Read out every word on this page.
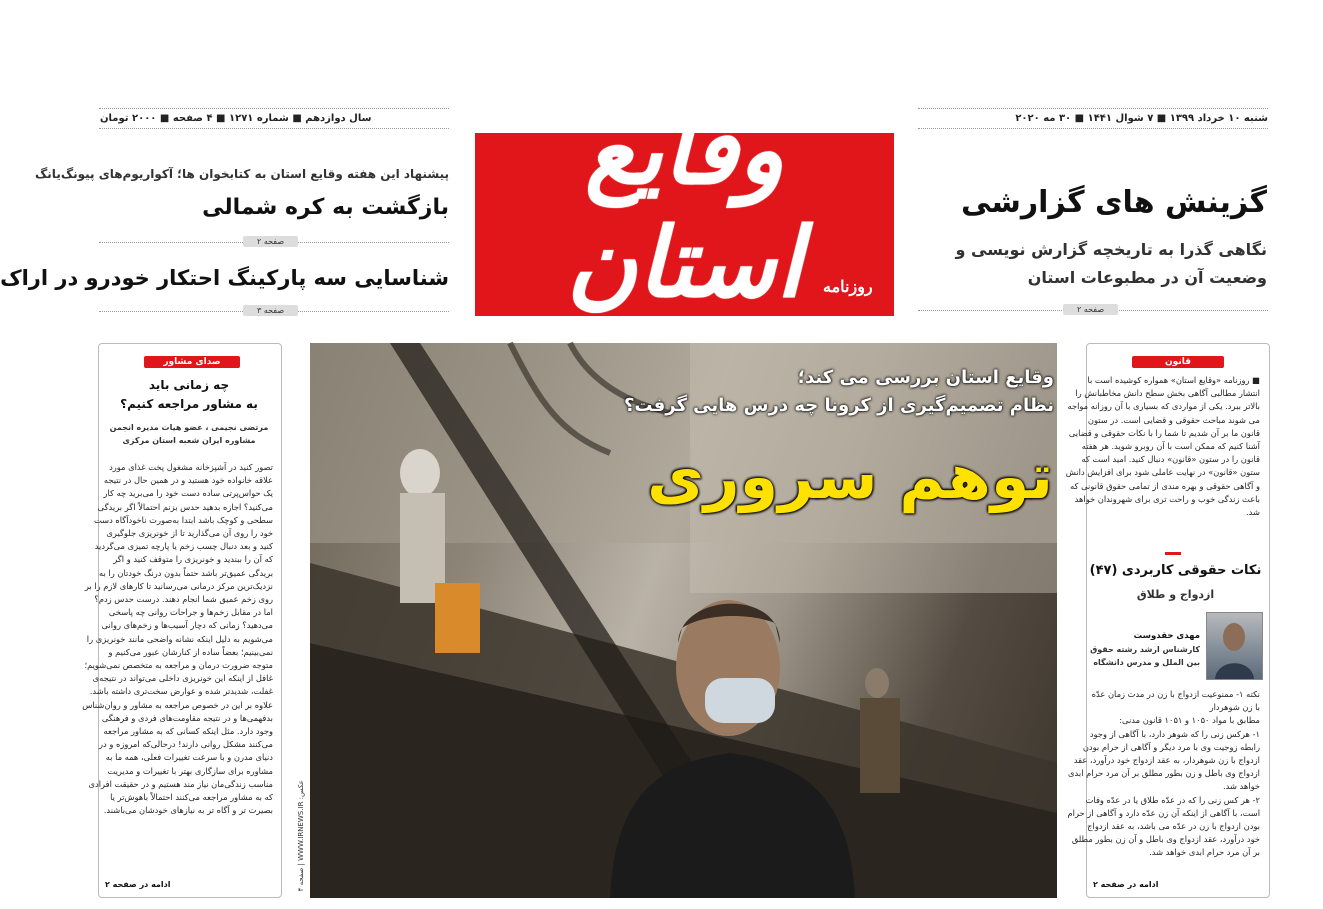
شنبه ۱۰ خرداد ۱۳۹۹ ■ ۷ شوال ۱۴۴۱ ■ ۳۰ مه ۲۰۲۰
سال دوازدهم ■ شماره ۱۲۷۱ ■ ۴ صفحه ■ ۲۰۰۰ تومان	وقایع استان	روزنامه
گزینش های گزارشی
نگاهی گذرا به تاریخچه گزارش نویسی و
وضعیت آن در مطبوعات استان
صفحه ۲
پیشنهاد این هفته وقایع استان به کتابخوان ها؛ آکواریوم‌های پیونگ‌یانگ
بازگشت به کره شمالی
صفحه ۲
شناسایی سه پارکینگ احتکار خودرو در اراک
صفحه ۳
صدای مشاور
چه زمانی باید
به مشاور مراجعه کنیم؟
مرتضی نجیمی ، عضو هیات مدیره انجمن
مشاوره ایران شعبه استان مرکزی
تصور کنید در آشپزخانه مشغول پخت غذای مورد
علاقه خانواده خود هستید و در همین حال در نتیجه
یک حواس‌پرتی ساده دست خود را می‌برید چه کار
می‌کنید؟ اجازه بدهید حدس بزنم احتمالاً اگر بریدگی
سطحی و کوچک باشد ابتدا به‌صورت ناخودآگاه دست
خود را روی آن می‌گذارید تا از خونریزی جلوگیری
کنید و بعد دنبال چسب زخم یا پارچه تمیزی می‌گردید
که آن را ببندید و خونریزی را متوقف کنید و اگر
بریدگی عمیق‌تر باشد حتماً بدون درنگ خودتان را به
نزدیک‌ترین مرکز درمانی می‌رسانید تا کارهای لازم را بر
روی زخم عمیق شما انجام دهند. درست حدس زدم؟
اما در مقابل زخم‌ها و جراحات روانی چه پاسخی
می‌دهید؟ زمانی که دچار آسیب‌ها و زخم‌های روانی
می‌شویم به دلیل اینکه نشانه واضحی مانند خونریزی را
نمی‌بینیم؛ بعضاً ساده از کنارشان عبور می‌کنیم و
متوجه ضرورت درمان و مراجعه به متخصص نمی‌شویم؛
غافل از اینکه این خونریزی داخلی می‌تواند در نتیجه‌ی
غفلت، شدیدتر شده و عوارض سخت‌تری داشته باشد.
علاوه بر این در خصوص مراجعه به مشاور و روان‌شناس
بدفهمی‌ها و در نتیجه مقاومت‌های فردی و فرهنگی
وجود دارد. مثل اینکه کسانی که به مشاور مراجعه
می‌کنند مشکل روانی دارند! درحالی‌که امروزه و در
دنیای مدرن و با سرعت تغییرات فعلی، همه ما به
مشاوره برای سازگاری بهتر با تغییرات و مدیریت
مناسب زندگی‌مان نیاز مند هستیم و در حقیقت افرادی
که به مشاور مراجعه می‌کنند احتمالاً باهوش‌تر یا
بصیرت تر و آگاه تر به نیازهای خودشان می‌باشند.
ادامه در صفحه ۲
وقایع استان بررسی می کند؛
نظام تصمیم‌گیری از کرونا چه درس هایی گرفت؟
توهم سروری
عکس: WWW.IRNEWS.IR | صفحه ۴
قانون
■ روزنامه «وقایع استان» همواره کوشیده است با
انتشار مطالبی آگاهی بخش سطح دانش مخاطبانش را
بالاتر ببرد. یکی از مواردی که بسیاری با آن روزانه مواجه
می شوند مباحث حقوقی و قضایی است. در ستون
قانون ما بر آن شدیم تا شما را با نکات حقوقی و قضایی
آشنا کنیم که ممکن است با آن روبرو شوید. هر هفته
قانون را در ستون «قانون» دنبال کنید. امید است که
ستون «قانون» در نهایت عاملی شود برای افزایش دانش
و آگاهی حقوقی و بهره مندی از تمامی حقوق قانونی که
باعث زندگی خوب و راحت تری برای شهروندان خواهد
شد.
نکات حقوقی کاربردی (۴۷)
ازدواج و طلاق
مهدی حقدوست
کارشناس ارشد رشته حقوق
بین الملل و مدرس دانشگاه
نکته ۱- ممنوعیت ازدواج با زن در مدت زمان عدّه
با زن شوهردار
مطابق با مواد ۱۰۵۰ و ۱۰۵۱ قانون مدنی:
۱- هرکس زنی را که شوهر دارد، با آگاهی از وجود
رابطه زوجیت وی با مرد دیگر و آگاهی از حرام بودن
ازدواج با زن شوهردار، به عقد ازدواج خود درآورد، عقد
ازدواج وی باطل و زن بطور مطلق بر آن مرد حرام ابدی
خواهد شد.
۲- هر کس زنی را که در عدّه طلاق یا در عدّه وفات
است، با آگاهی از اینکه آن زن عدّه دارد و آگاهی از حرام
بودن ازدواج با زن در عدّه می باشد، به عقد ازدواج
خود درآورد، عقد ازدواج وی باطل و آن زن بطور مطلق
بر آن مرد حرام ابدی خواهد شد.
ادامه در صفحه ۲
